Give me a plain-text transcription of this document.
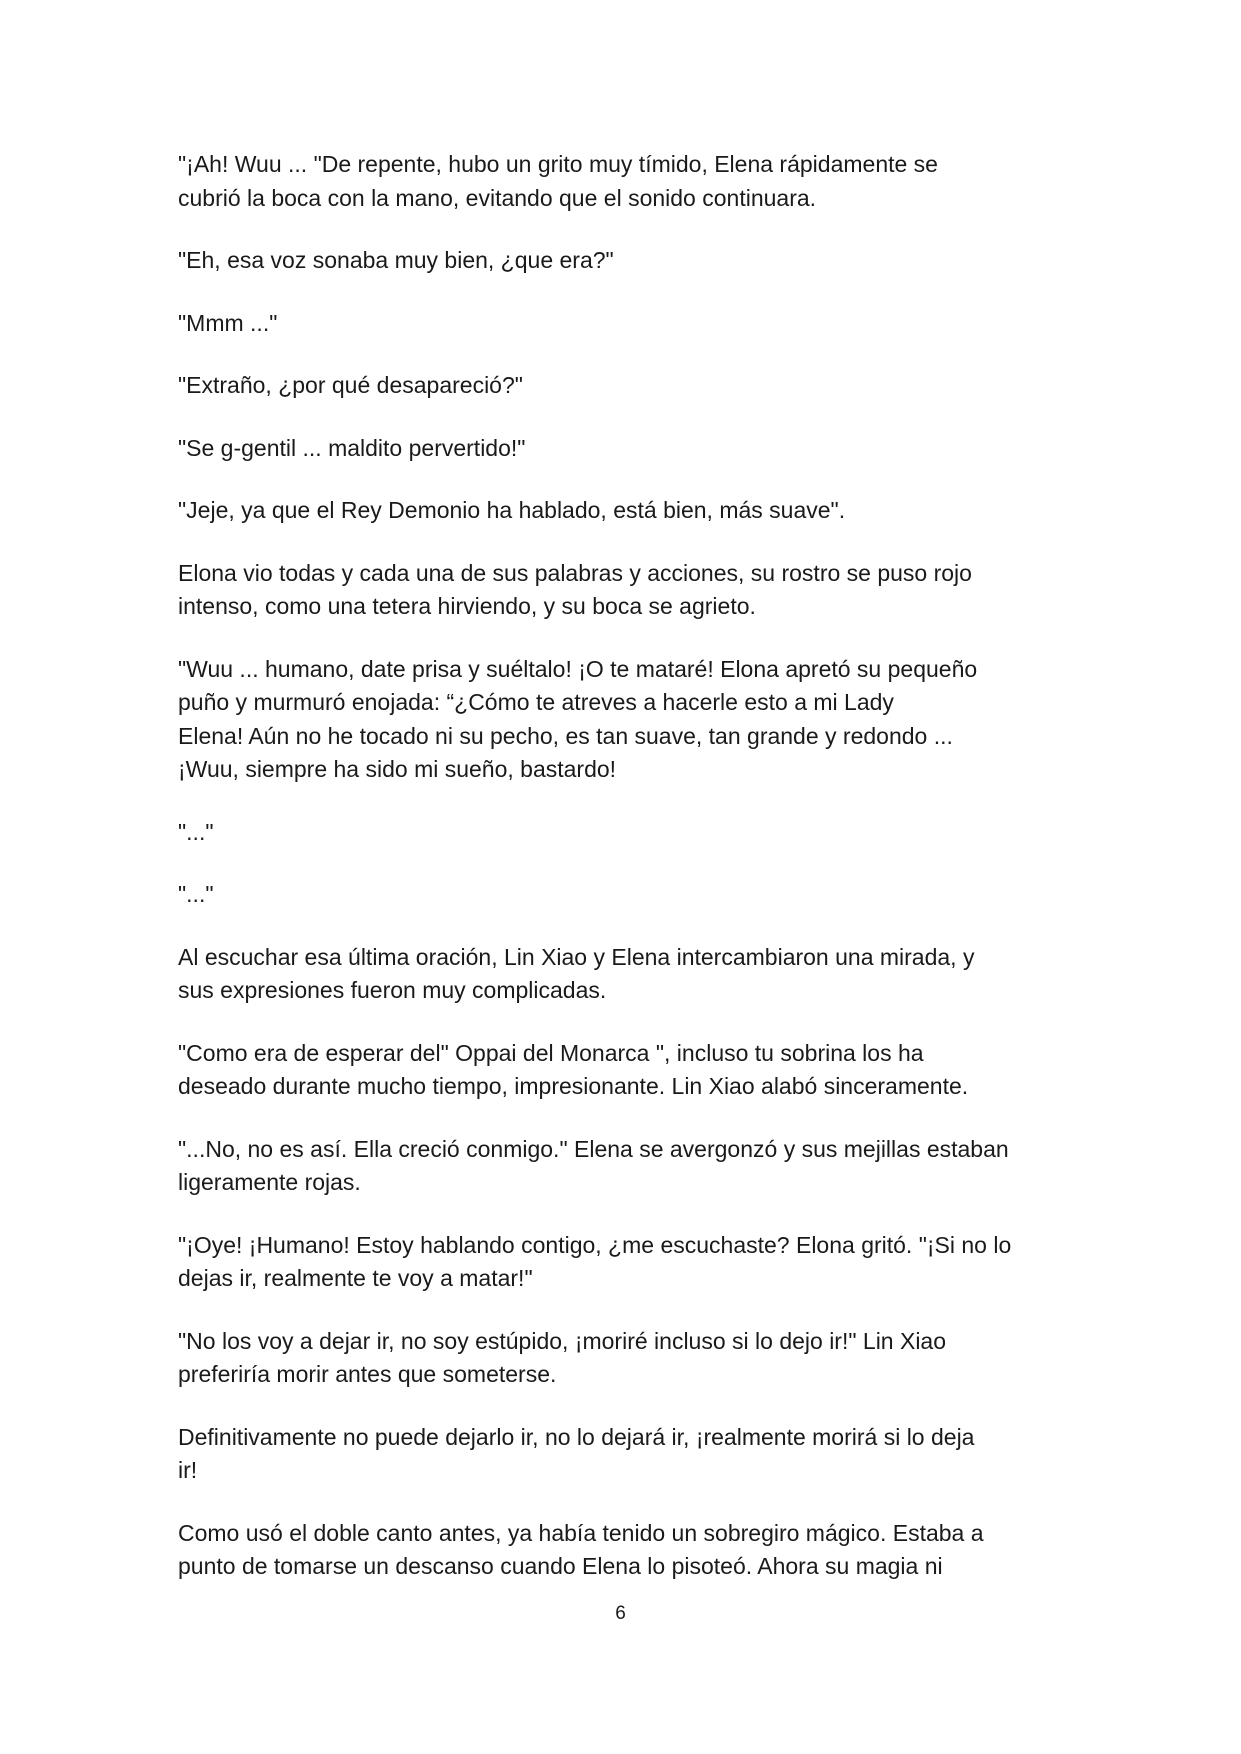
"¡Ah! Wuu ... "De repente, hubo un grito muy tímido, Elena rápidamente se
cubrió la boca con la mano, evitando que el sonido continuara.

"Eh, esa voz sonaba muy bien, ¿que era?"

"Mmm ..."

"Extraño, ¿por qué desapareció?"

"Se g-gentil ... maldito pervertido!"

"Jeje, ya que el Rey Demonio ha hablado, está bien, más suave".

Elona vio todas y cada una de sus palabras y acciones, su rostro se puso rojo
intenso, como una tetera hirviendo, y su boca se agrieto.

"Wuu ... humano, date prisa y suéltalo! ¡O te mataré! Elona apretó su pequeño
puño y murmuró enojada: “¿Cómo te atreves a hacerle esto a mi Lady
Elena! Aún no he tocado ni su pecho, es tan suave, tan grande y redondo ...
¡Wuu, siempre ha sido mi sueño, bastardo!

"..."

"..."

Al escuchar esa última oración, Lin Xiao y Elena intercambiaron una mirada, y
sus expresiones fueron muy complicadas.

"Como era de esperar del" Oppai del Monarca ", incluso tu sobrina los ha
deseado durante mucho tiempo, impresionante. Lin Xiao alabó sinceramente.

"...No, no es así. Ella creció conmigo." Elena se avergonzó y sus mejillas estaban
ligeramente rojas.

"¡Oye! ¡Humano! Estoy hablando contigo, ¿me escuchaste? Elona gritó. "¡Si no lo
dejas ir, realmente te voy a matar!"

"No los voy a dejar ir, no soy estúpido, ¡moriré incluso si lo dejo ir!" Lin Xiao
preferiría morir antes que someterse.

Definitivamente no puede dejarlo ir, no lo dejará ir, ¡realmente morirá si lo deja
ir!

Como usó el doble canto antes, ya había tenido un sobregiro mágico. Estaba a
punto de tomarse un descanso cuando Elena lo pisoteó. Ahora su magia ni

6
